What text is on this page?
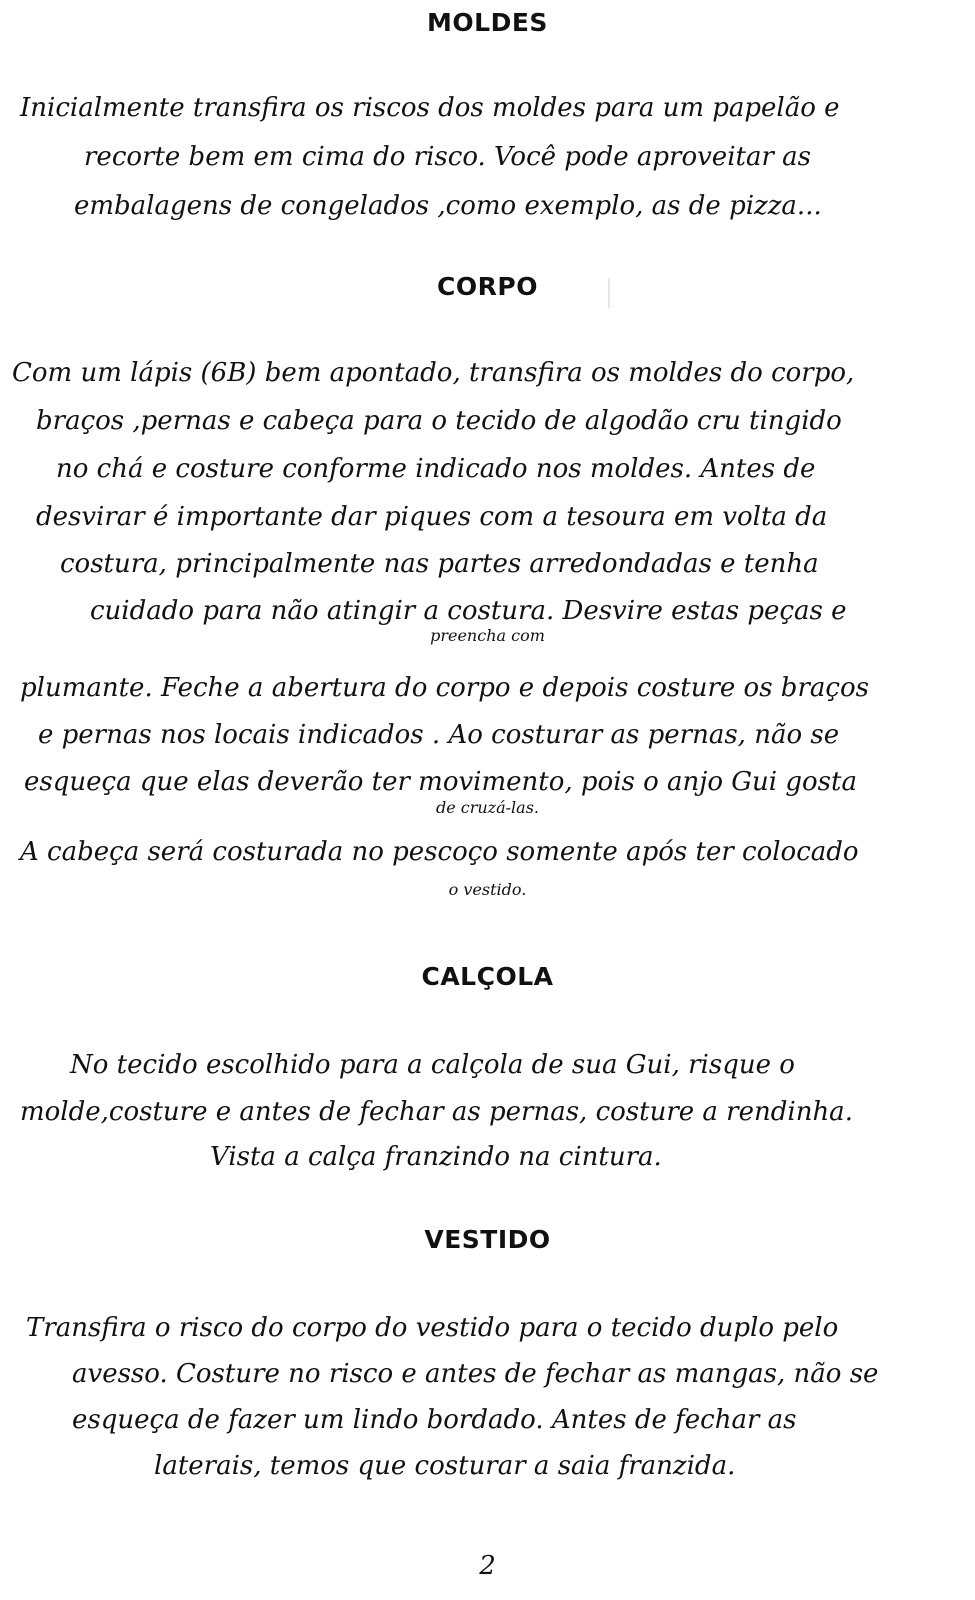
MOLDES
Inicialmente transfira os riscos dos moldes para um papelão e
recorte bem em cima do risco. Você pode aproveitar as
embalagens de congelados ,como exemplo, as de pizza...
CORPO
Com um lápis (6B) bem apontado, transfira os moldes do corpo,
braços ,pernas e cabeça para o tecido de algodão cru tingido
no chá e costure conforme indicado nos moldes. Antes de
desvirar é importante dar piques com a tesoura em volta da
costura, principalmente nas partes arredondadas e tenha
cuidado para não atingir a costura. Desvire estas peças e
preencha com
plumante. Feche a abertura do corpo e depois costure os braços
e pernas nos locais indicados . Ao costurar as pernas, não se
esqueça que elas deverão ter movimento, pois o anjo Gui gosta
de cruzá-las.
A cabeça será costurada no pescoço somente após ter colocado
o vestido.
CALÇOLA
No tecido escolhido para a calçola de sua Gui, risque o
molde,costure e antes de fechar as pernas, costure a rendinha.
Vista a calça franzindo na cintura.
VESTIDO
Transfira o risco do corpo do vestido para o tecido duplo pelo
avesso. Costure no risco e antes de fechar as mangas, não se
esqueça de fazer um lindo bordado. Antes de fechar as
laterais, temos que costurar a saia franzida.
2
